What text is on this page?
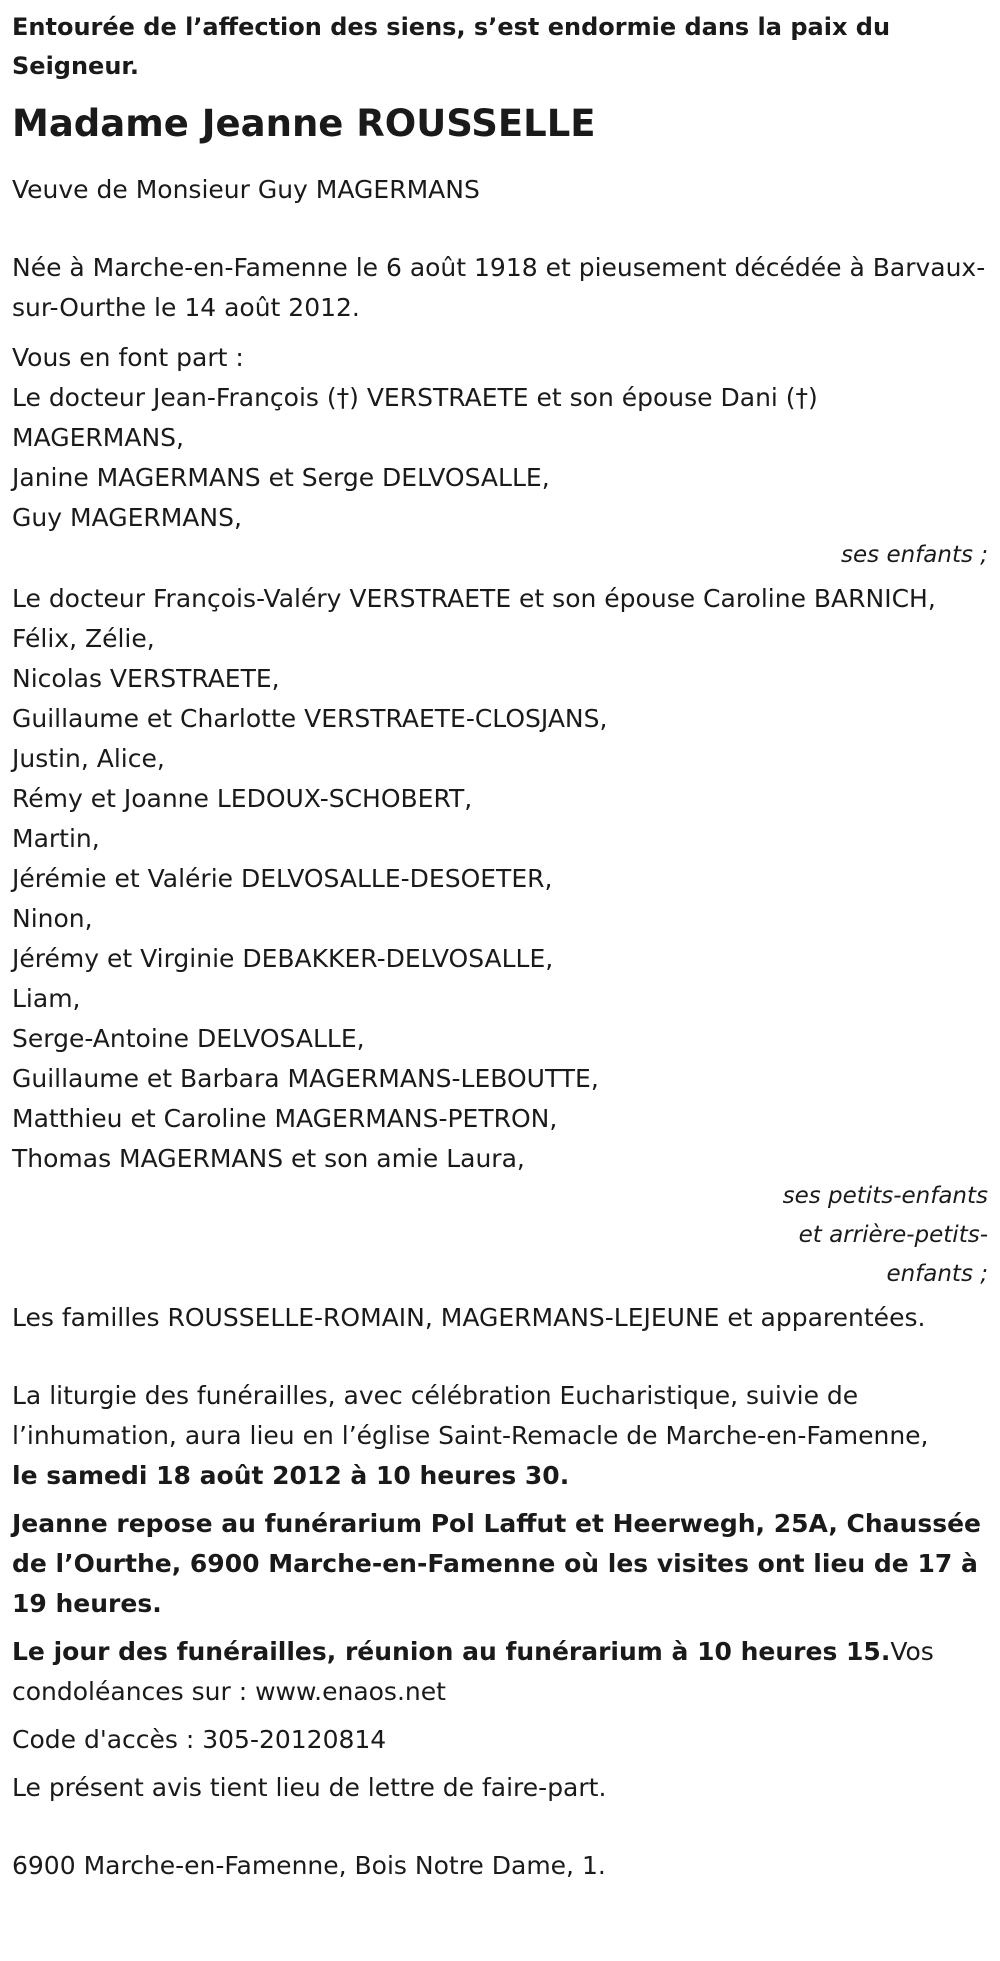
Entourée de l’affection des siens, s’est endormie dans la paix du Seigneur.

Madame Jeanne ROUSSELLE

Veuve de Monsieur Guy MAGERMANS

Née à Marche-en-Famenne le 6 août 1918 et pieusement décédée à Barvaux-sur-Ourthe le 14 août 2012.

Vous en font part :

Le docteur Jean-François (†) VERSTRAETE et son épouse Dani (†) MAGERMANS,
Janine MAGERMANS et Serge DELVOSALLE,
Guy MAGERMANS,
ses enfants ;
Le docteur François-Valéry VERSTRAETE et son épouse Caroline BARNICH,
Félix, Zélie,
Nicolas VERSTRAETE,
Guillaume et Charlotte VERSTRAETE-CLOSJANS,
Justin, Alice,
Rémy et Joanne LEDOUX-SCHOBERT,
Martin,
Jérémie et Valérie DELVOSALLE-DESOETER,
Ninon,
Jérémy et Virginie DEBAKKER-DELVOSALLE,
Liam,
Serge-Antoine DELVOSALLE,
Guillaume et Barbara MAGERMANS-LEBOUTTE,
Matthieu et Caroline MAGERMANS-PETRON,
Thomas MAGERMANS et son amie Laura,
ses petits-enfants
et arrière-petits-
enfants ;

Les familles ROUSSELLE-ROMAIN, MAGERMANS-LEJEUNE et apparentées.

La liturgie des funérailles, avec célébration Eucharistique, suivie de l’inhumation, aura lieu en l’église Saint-Remacle de Marche-en-Famenne,
le samedi 18 août 2012 à 10 heures 30.

Jeanne repose au funérarium Pol Laffut et Heerwegh, 25A, Chaussée de l’Ourthe, 6900 Marche-en-Famenne où les visites ont lieu de 17 à 19 heures.

Le jour des funérailles, réunion au funérarium à 10 heures 15.Vos condoléances sur : www.enaos.net

Code d'accès : 305-20120814

Le présent avis tient lieu de lettre de faire-part.

6900 Marche-en-Famenne, Bois Notre Dame, 1.
